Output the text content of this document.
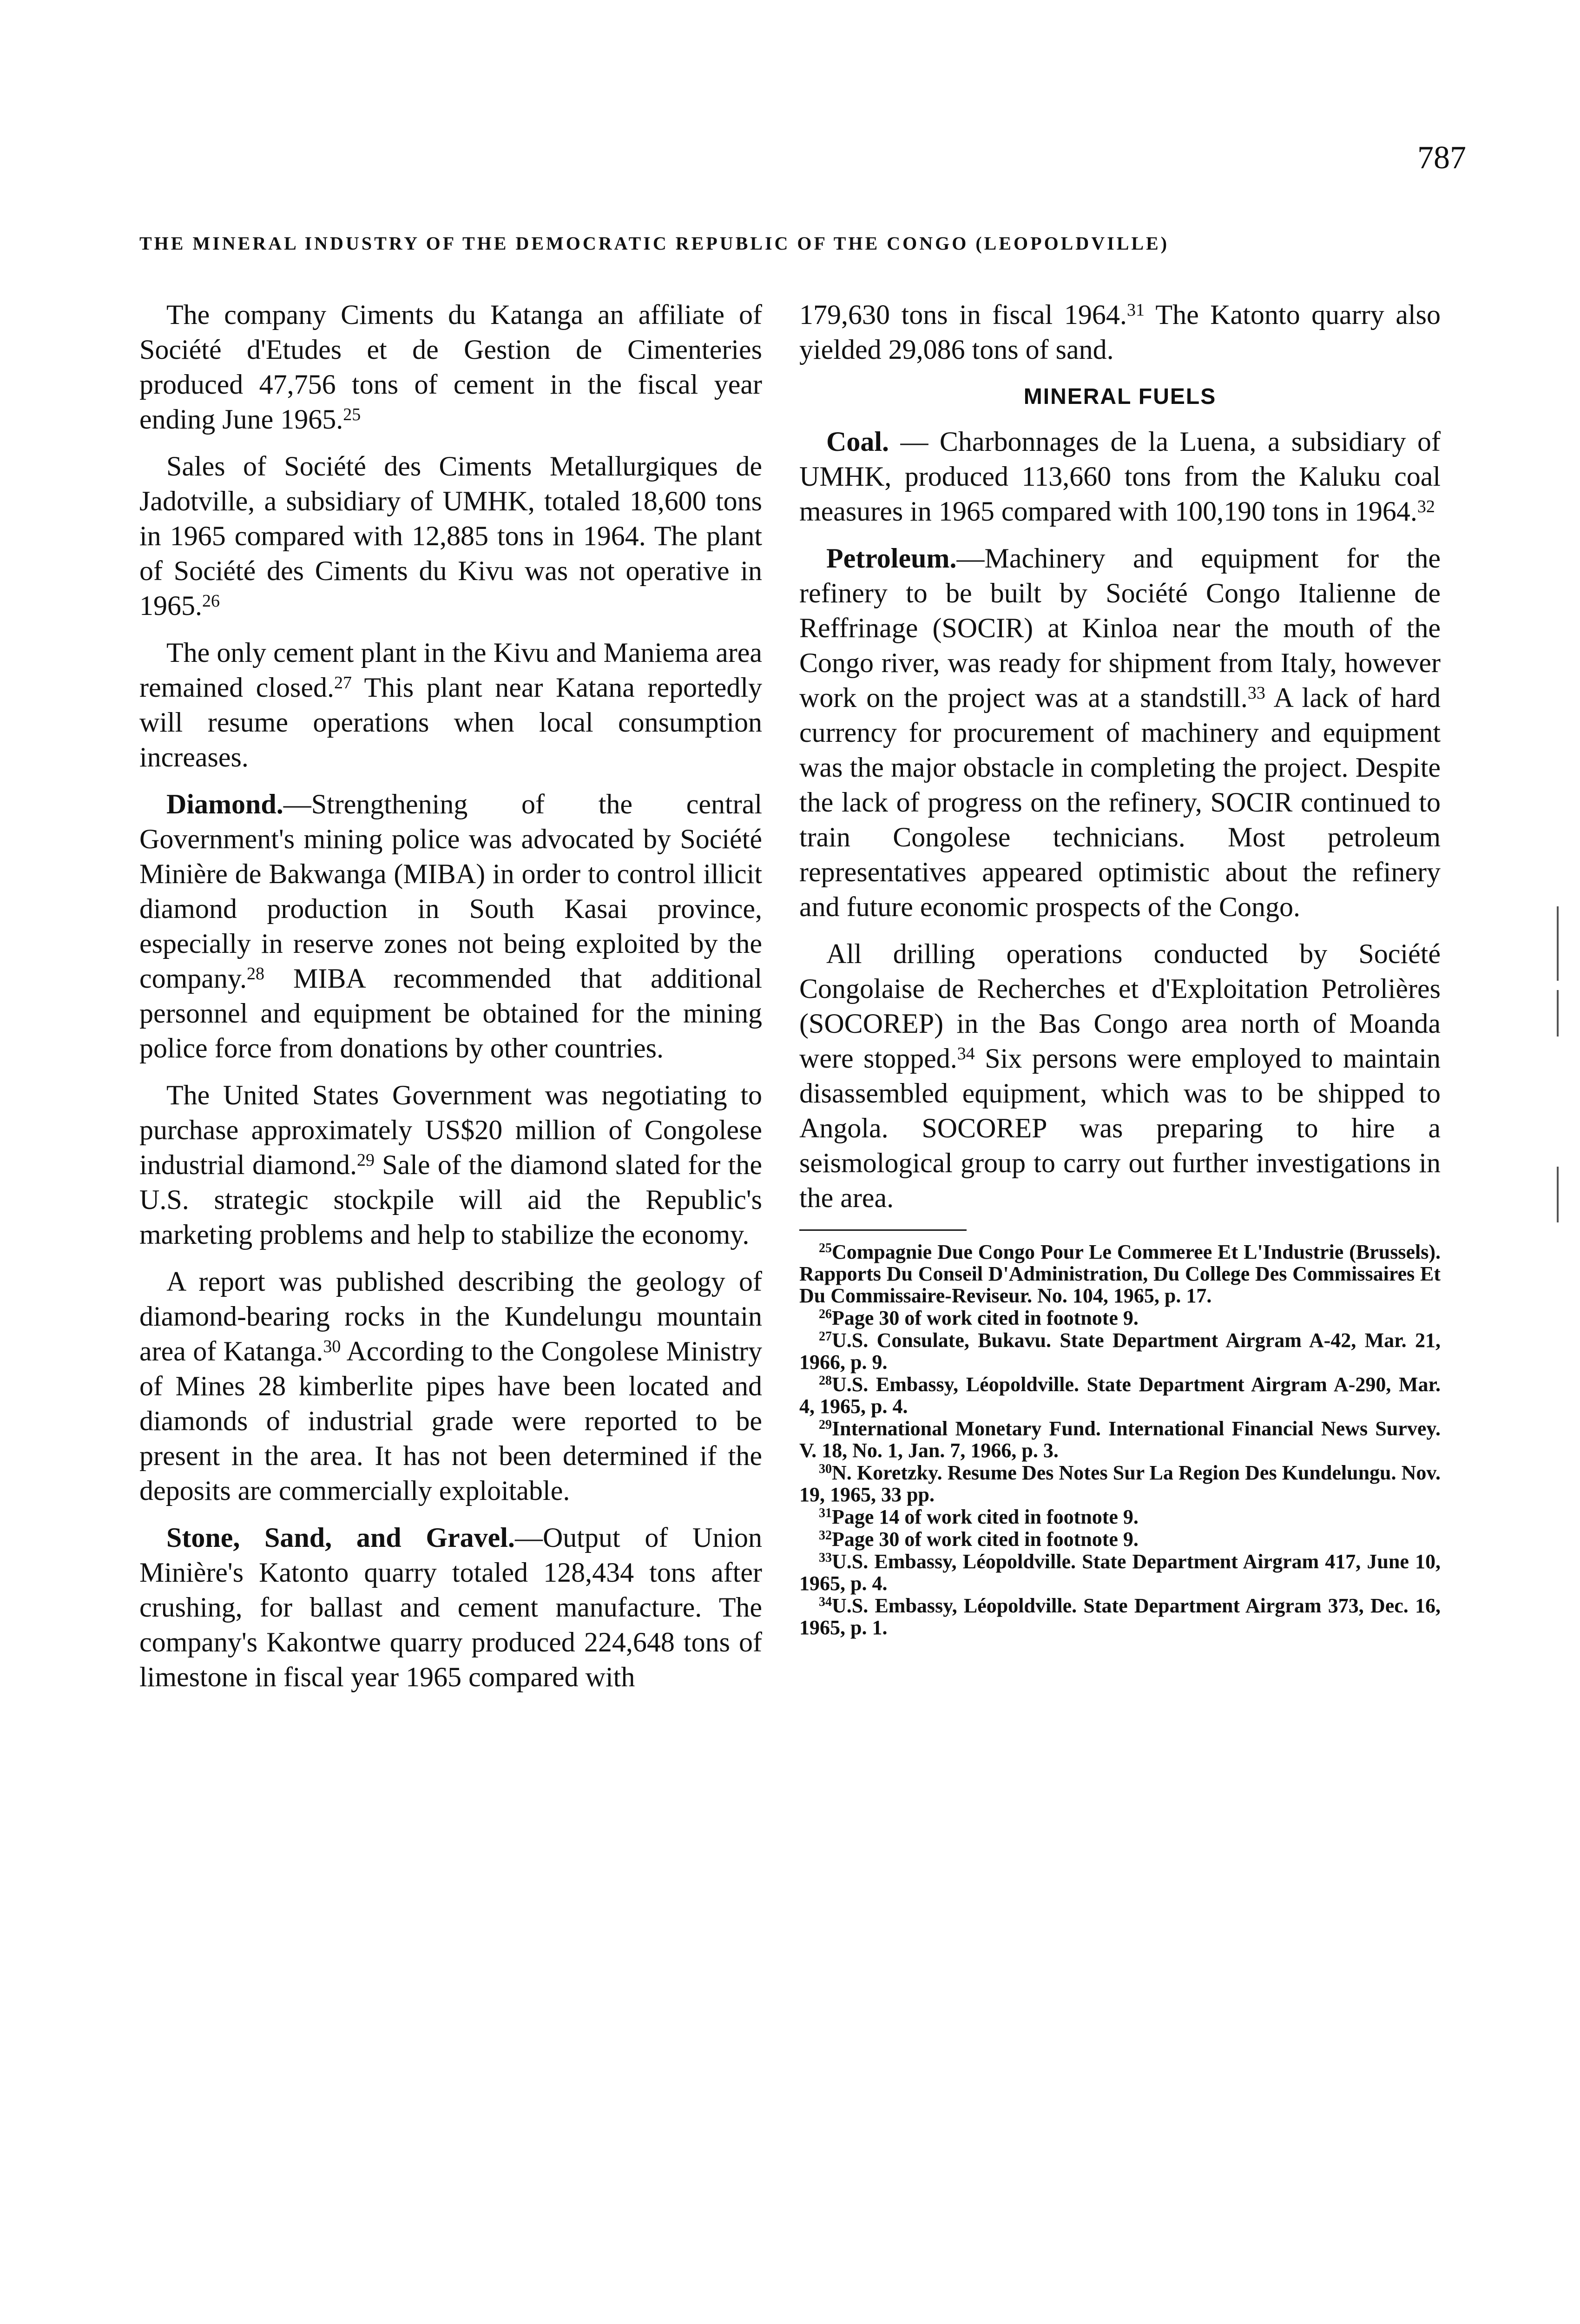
787
THE MINERAL INDUSTRY OF THE DEMOCRATIC REPUBLIC OF THE CONGO (LEOPOLDVILLE)

The company Ciments du Katanga an affiliate of Société d'Etudes et de Gestion de Cimenteries produced 47,756 tons of cement in the fiscal year ending June 1965.25

Sales of Société des Ciments Metallurgiques de Jadotville, a subsidiary of UMHK, totaled 18,600 tons in 1965 compared with 12,885 tons in 1964. The plant of Société des Ciments du Kivu was not operative in 1965.26

The only cement plant in the Kivu and Maniema area remained closed.$^{27}$ This plant near Katana reportedly will resume operations when local consumption increases.

Diamond.—Strengthening of the central Government's mining police was advocated by Société Minière de Bakwanga (MIBA) in order to control illicit diamond production in South Kasai province, especially in reserve zones not being exploited by the company.$^{28}$ MIBA recommended that additional personnel and equipment be obtained for the mining police force from donations by other countries.

The United States Government was negotiating to purchase approximately US$20 million of Congolese industrial diamond.$^{29}$ Sale of the diamond slated for the U.S. strategic stockpile will aid the Republic's marketing problems and help to stabilize the economy.

A report was published describing the geology of diamond-bearing rocks in the Kundelungu mountain area of Katanga.$^{30}$ According to the Congolese Ministry of Mines 28 kimberlite pipes have been located and diamonds of industrial grade were reported to be present in the area. It has not been determined if the deposits are commercially exploitable.

Stone, Sand, and Gravel.—Output of Union Minière's Katonto quarry totaled 128,434 tons after crushing, for ballast and cement manufacture. The company's Kakontwe quarry produced 224,648 tons of limestone in fiscal year 1965 compared with

179,630 tons in fiscal 1964.31 The Katonto quarry also yielded 29,086 tons of sand.

MINERAL FUELS

Coal. — Charbonnages de la Luena, a subsidiary of UMHK, produced 113,660 tons from the Kaluku coal measures in 1965 compared with 100,190 tons in 1964.32

Petroleum.—Machinery and equipment for the refinery to be built by Société Congo Italienne de Reffrinage (SOCIR) at Kinloa near the mouth of the Congo river, was ready for shipment from Italy, however work on the project was at a standstill.$^{33}$ A lack of hard currency for procurement of machinery and equipment was the major obstacle in completing the project. Despite the lack of progress on the refinery, SOCIR continued to train Congolese technicians. Most petroleum representatives appeared optimistic about the refinery and future economic prospects of the Congo.

All drilling operations conducted by Société Congolaise de Recherches et d'Exploitation Petrolières (SOCOREP) in the Bas Congo area north of Moanda were stopped.$^{34}$ Six persons were employed to maintain disassembled equipment, which was to be shipped to Angola. SOCOREP was preparing to hire a seismological group to carry out further investigations in the area.

$^{25}$Compagnie Due Congo Pour Le Commeree Et L'Industrie (Brussels). Rapports Du Conseil D'Administration, Du College Des Commissaires Et Du Commissaire-Reviseur. No. 104, 1965, p. 17.
$^{26}$Page 30 of work cited in footnote 9.
$^{27}$U.S. Consulate, Bukavu. State Department Airgram A-42, Mar. 21, 1966, p. 9.
$^{28}$U.S. Embassy, Léopoldville. State Department Airgram A-290, Mar. 4, 1965, p. 4.
$^{29}$International Monetary Fund. International Financial News Survey. V. 18, No. 1, Jan. 7, 1966, p. 3.
$^{30}$N. Koretzky. Resume Des Notes Sur La Region Des Kundelungu. Nov. 19, 1965, 33 pp.
$^{31}$Page 14 of work cited in footnote 9.
$^{32}$Page 30 of work cited in footnote 9.
$^{33}$U.S. Embassy, Léopoldville. State Department Airgram 417, June 10, 1965, p. 4.
$^{34}$U.S. Embassy, Léopoldville. State Department Airgram 373, Dec. 16, 1965, p. 1.
